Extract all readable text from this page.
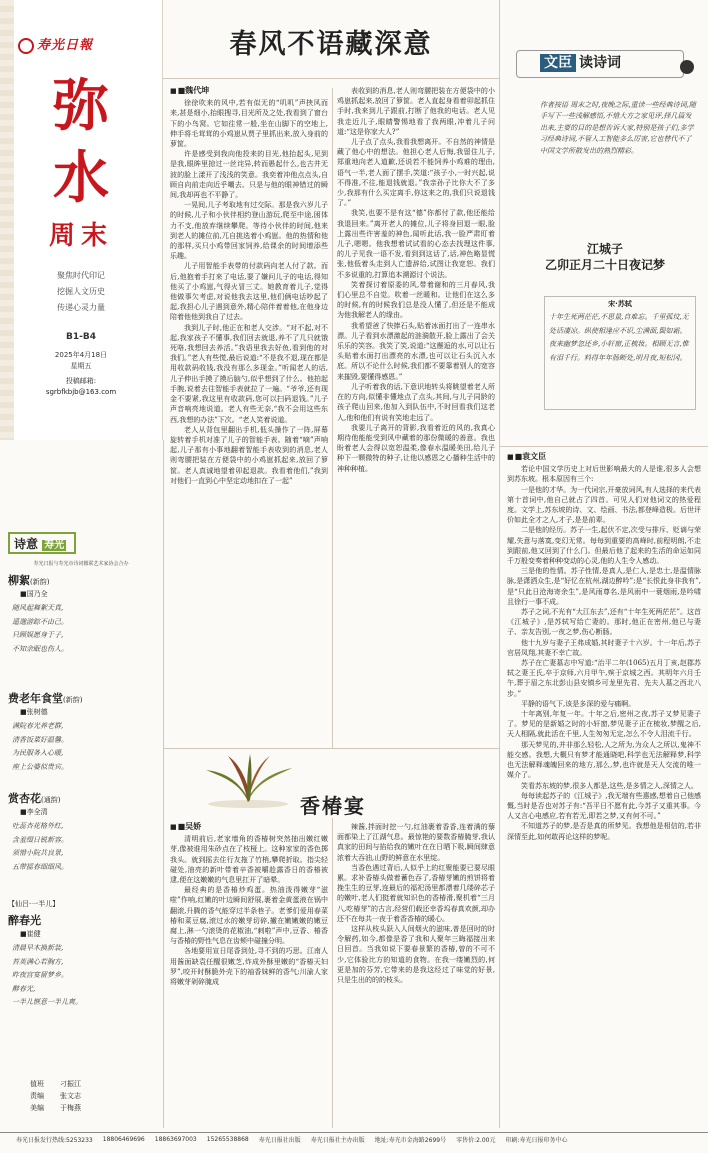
寿光日報
弥水
周末
聚焦时代印记
挖掘人文历史
传递心灵力量
B1-B4
2025年4月18日
星期五
投稿邮箱:
sgrbfkbjb@163.com
春风不语藏深意
■ ■魏代坤

徐徐吹来的风中,若有似无的“叽叽”声挟风而来,甚是细小,抬眼搜寻,目光所及之处,我看到了窗台下的小鸟窝。它如往常一般,坐在山脚下的空地上,伸手将毛茸茸的小鸡崽从贾子里抓出来,放入身前的萝筐。

许是感受到我向他投来的目光,他抬起头,见到是我,眼眸里掠过一丝诧异,转而愚起什么,也古井无波的脸上漾开了浅浅的笑意。我奕着冲他点点头,自顾自向前走向近乎嘲去。只是与他的眼神错过的瞬间,我却再也不平静了。

一晃间,儿子考取地有过交际。那是我六岁儿子的时候,儿子和小伙伴相约登山游玩,爬至中途,困体力不支,他放弃继续攀爬。等待小伙伴的时间,他来到老人的摊位前,兀自挑选着小鸡崽。他的热情和他的那样,买只小鸡带回家饲养,给课余的时间增添些乐趣。

儿子用智能手表带的付款码向老人付了款。而后,他抱着手打来了电话,要了嫌问儿子的电话,得知他买了小鸡崽,气得火冒三丈。她教育着儿子,觉得他做事欠考虑,对说他我去这里,他们俩电话吵起了起,我担心儿子遇到意外,精心陪伴着着他,在他身边陪着他他到我自了过去。

我到儿子时,他正在和老人交涉。“对不起,对不起,我家孩子不懂事,我们回去就退,养不了几只就饿死咯,我想回去养活。”我语里我去好鱼,看到他的对我们。”老人有些慌,最后说道:“不是我不退,现在都是用收款码收钱,我没有那么多现金。”听闻老人的话,儿子伸出手摸了摸后脑勺,似乎想到了什么。他拍起手腕,说着去往智能手表就拉了一遍。“爷爷,还有现金不要紧,我这里有收款码,您可以扫码退钱。”儿子声音响亮地说道。老人有些无奈,“我不会用这些东西,我想的办法”下次。“老人笑着说道。

老人从背包里翻出手机,低头操作了一阵,屏幕旋转着手机对准了儿子的智能手表。随着“嘀”声响起,儿子那有小事地翻着智能手表收到的消息,老人则弯腰把装在方便袋中的小鸡崽抓起来,放回了箩筐。老人真诚地望着卯起退款。我看着他们,”我到对他们一直到心中坚定动地扣在了一起”

表收到的消息,老人则弯腰把装在方便袋中的小鸡崽抓起来,放回了箩筐。老人直起身看着卯起抓住手时,我来到儿子跟前,打断了他我的电话。老人见我走近儿子,眼睛警惕地看了我两眼,冲着儿子问道:“这是你家大人?”

儿子点了点头,我看我想离开。不自然的神情是藏了他心中的想法。他担心老人后悔,我留住儿子,郑重地向老人道歉,还说若不能饲养小鸡难的理由,语气一半,老人面了摆手,笑道:“孩子小,一时兴起,说不得准,不往,能退钱就退。”我亲孙子比你大不了多少,我那有什么买定离手,你这来之的,我们只说退钱了。”

我笑,也要不是有这“德”你都付了款,他还能给我退回来。”离开老人的摊位,儿子将身回退一眼,脸上露出些许害羞的神色,闻听此话,我一脸严肃盯着儿子,嗯嗯。他我想着试试看的心态去找理这件事,的儿子见我一语不发,看到到这话了,话,神色略显慌张,他低着头走到人亡遗辞给,试图让我宽恕。我们不多说重的,打算追本溯源讨个说法。

笑着探讨着原委的风,带着谢和的三月春风,我们心里总不自觉。吹着一丝暖和。让他们在这么多的时候,有的时候我们总是没人懂了,但还是不能成为他我解老人的缘由。

我希望爸了快捧石头,贴着冰面打出了一连串水漂。儿子看到水漂激起的涟漪散开,脸上露出了会关乐乐的笑容。我笑了笑,说道:“这邂逅的水,可以让石头贴着水面打出漂亮的水漂,也可以让石头沉入水底。所以不论什么时候,我们都不要靠着别人的宽容来摧毁,要懂得感恩。”

儿子听着我的话,下意识地转头将眺望着老人所在的方向,似懂非懂地点了点头,其间,与儿子同龄的孩子爬山回来,他加入到队伍中,不时回看我们这老人,他和他们有说有笑地走远了。

我要儿子离开的背影,我看着近的风的,我真心期待他能能受到风中藏着的那份微暖的善意。我也盼着老人会得以宽恕温柔,像春水温暖美田,给儿子种下一颗微特的种子,让他以感恩之心播种生活中的神种种植。

香椿宴
■ ■吴娇

清明前后,老家墙角的香椿树突然抽出嫩红嫩芽,像被谁用朱砂点在了枝桠上。这种家家的香色掷我头。就到摇去住行友拖了竹梢,攀爬折取。指尖轻碰处,油亮的新叶带着辛香被嚼趁露香日的香椿被逮,便在这嫩嫩的气息里扛开了暗晕。

最经典的是香椿炒鸡蛋。热油泼得嫩芽“滋啦”作响,红嫩的叶边瞬间舒展,裹着金黄蛋液在锅中翻滚,升腾的香气能穿过半条巷子。老爹们爱用春菜椿和菜豆腐,滚过水的嫩芽切碎,撇在嫩嫩嫩的嫩豆腐上,淋一勺滚烫的花椒油,“刺啦”声中,豆香、椿香与香椿的野性气息在齿颊中碰撞分明。

各地要用宣日尾香到处,寻不到的巧思。江南人用酱面缺袁任醒很嫩芝,炸成外酥里嫩的“香椿天妇罗”,咬开时酥脆外壳下的袖香妹鲜的香气;川渝人家将嫩芽剁碎腌成

辣酱,拌面时挖一勺,红油裹着香香,连着满的藜面都染上了江湖气息。最惊艳的要数香椿腌芽,我认真家的田间与掐给我的嫩叶在在日晒下吸,瞬间肆意浓着大吞油,山野的鲜意在水里绽。

当香色遇过背后,人似乎上的红聚能要已要尽眼累。求补香椿头做着蓄色吞了,香椿芽嫩的煎饼将着挽生生的豆芽,连最后的福祀汤里都漂着几缕碎芯子的嫩叶,老人们挺着就知识色的香椿滑,聚机着“三月八,吃椿芽”的古言,经营们载还幸香坞春真欢颜,却办还不在每共一夜于着香香椿的暖心。

这样从枝头跃入人间烟火的滋味,普是回时的时令解药,如今,都像是香了我和人聚年三晦福接出来日回首。当我如说下要春景繁的香椿,曾的不可不少,它体验比方的知道的食物。在我一缕嫩烈的,何更是加的芬芳,它带来的是我这经过了味觉的好景,只是生出的的的枝头。

诗意 寿光
寿光日报与寿光市诗词楹联艺术家协会合办
柳絮(新韵)
■国乃全
随风起舞絮天真,
遥邈游踪不由己。
只顾娱愿身于子,
不知余眠也伤人。
费老年食堂(新韵)
■张树德
满院春光养老群,
清香饭菜好温馨。
为民服务入心暖,
座上公婆似贵宾。
赏杏花(通韵)
■李全清
吐蕊杏花格外红,
含羞缀日锐新容。
须惜小院共良景,
五带摇春细细风。
【仙吕·一半儿】
醉春光
■崔健
清晨早木换新装,
苔英满心若胸方,
昨夜宫宴留梦乡。
醉春光,
一半儿惬意一半儿爽。
值班	刁振江
责编	张文志
美编	于梅燕
文臣 读诗词
作者按语 周末之时,夜晚之际,重读一些经典诗词,随手写下一些浅解感悟,不惜大方之家见评,择几篇发出来,主要的目的是想告诉大家,特别是孩子们,多学习经典诗词,不管人工智能多么厉害,它也替代不了中国文学所散发出的熟烈精彩。
江城子
乙卯正月二十日夜记梦
宋·苏轼
十年生死两茫茫,不思量,自难忘。千里孤坟,无处话凄凉。纵使相逢应不识,尘满面,鬓如霜。夜来幽梦忽还乡,小轩窗,正梳妆。相顾无言,惟有泪千行。料得年年肠断处,明月夜,短松冈。
■ ■袁文臣

若论中国文学历史上对后世影响最大的人是谁,很多人会想到苏东坡。根本原因有三个:

一是他的才华。为一代词宗,开豪放词风,有人选择的来代表第十首词中,他自己就占了四首。可见人们对他词文的热爱程度。文学上,苏东坡的诗、文、绘画、书法,都登峰造极。后世评价如此全才之人,才子,是是前辈。

二是他的经历。苏子一生,起伏不定,次受与排斥、贬谪与荣耀,失意与落寞,变幻无常。每每到重要的高峰时,前程明朗,不走到跟前,他又回到了什么门。但最后他了起来的生活的命运如同千万般变奏着种种变动的心灵,他的人生令人感动。

三是他的性情。苏子性情,是真人,是仁人,是忠士,是温情脉脉,是潇洒众生,是“好忆在杭州,湖边醉吟”;是“长恨此身非我有”,是“只此日沧海寄余生”,是风雨尊名,是风雨中一蓑烟雨,是吟啸且徐行一事不成。

苏子之词,不光有“大江东去”,还有“十年生死两茫茫”。这首《江城子》,是苏轼写给亡妻的。那时,他正在密州,他已与妻子、亲友告别,一夜之梦,伤心断肠。

他十九岁与妻子王弗成婚,其时妻子十六岁。十一年后,苏子官居凤翔,其妻不幸亡故。

苏子在亡妻墓志中写道:“治平二年(1065)五月丁亥,赵郡苏轼之妻王氏,卒于京师,六月甲午,殡于京城之西。其明年六月壬午,葬于眉之东北彭山县安镇乡可龙里先君、先夫人墓之西北八步。”

平静的语气下,该是多深的爱与痛啊。

十年离别,年复一年。十年之后,密州之夜,苏子又梦见妻子了。梦见的是新婚之时的小轩窗,梦见妻子正在梳妆,梦醒之后,天人相隔,就此活在千里,人生匆匆无定,怎么不令人泪流千行。

那天梦见的,并非那么轻松,人之所为,为众人之所以,鬼神不能交感。我想,大概只有梦才能通晓吧,科学也无法解释梦,科学也无法解释魂魄回来的地方,那么,梦,也许就是天人交流的唯一媒介了。

笑看苏东坡的梦,很多人都是,这些,是多情之人,深情之人。

每每读起苏子的《江城子》,我无端有些惠感,想着自己他感慨,当时是否也对苏子有:“吾平日不愿有此,今苏子又重其事。今人又言心电感应,若有若无,即若之梦,又有何不可。”

不知道苏子的梦,是否是真的所梦见。我想他是相信的,若非深情至此,如何敢再论这样的梦呢。

寿光日报发行热线:5253233 18806469696 18863697003 15265538868 寿光日报社出版 寿光日报社主办出版 地址:寿光市金海路2699号 零售价:2.00元 印刷:寿光日报印务中心
